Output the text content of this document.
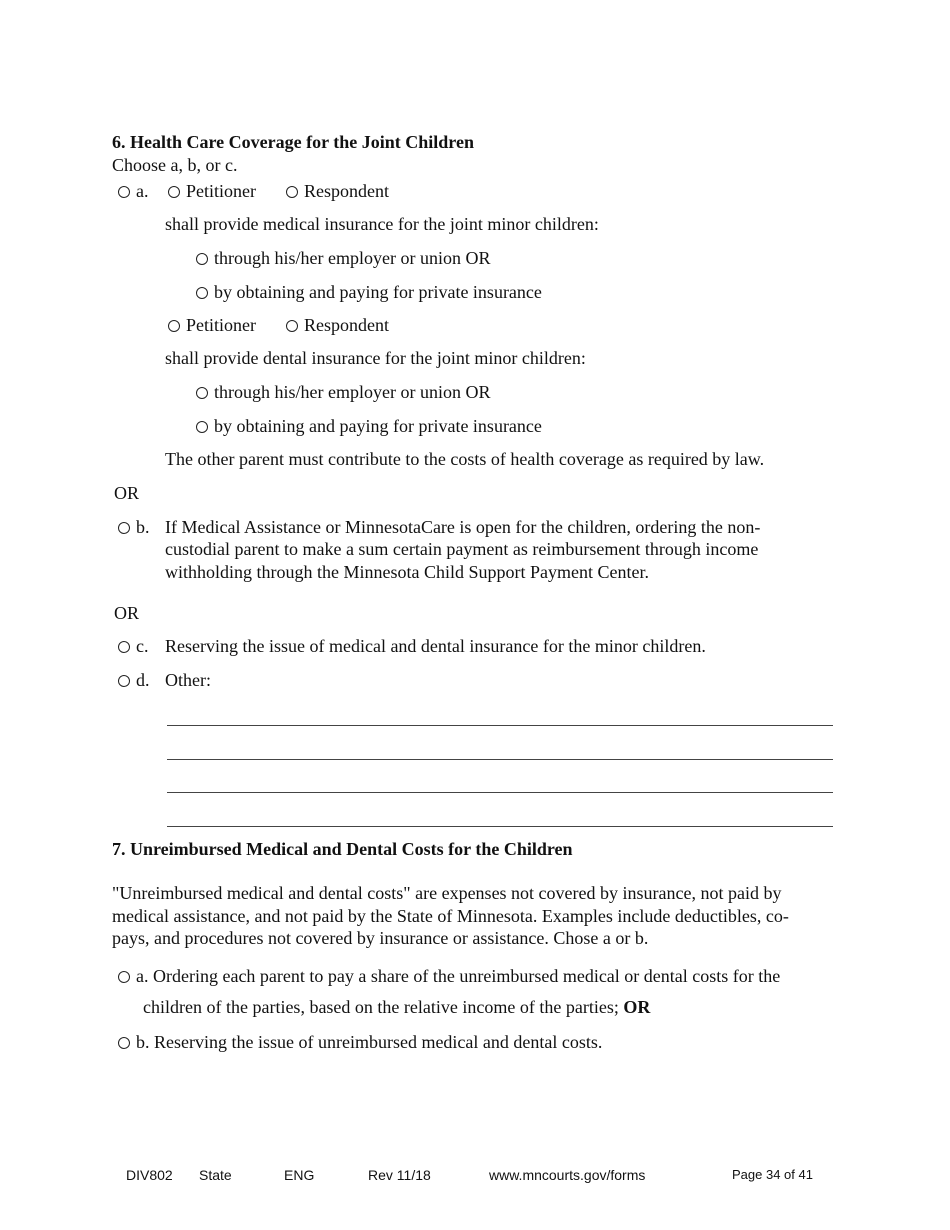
6. Health Care Coverage for the Joint Children
Choose a, b, or c.
a.	Petitioner	Respondent
shall provide medical insurance for the joint minor children:
through his/her employer or union OR
by obtaining and paying for private insurance
Petitioner	Respondent
shall provide dental insurance for the joint minor children:
through his/her employer or union OR
by obtaining and paying for private insurance
The other parent must contribute to the costs of health coverage as required by law.
OR
b. If Medical Assistance or MinnesotaCare is open for the children, ordering the non-
custodial parent to make a sum certain payment as reimbursement through income
withholding through the Minnesota Child Support Payment Center.
OR
c. Reserving the issue of medical and dental insurance for the minor children.
d. Other:
7. Unreimbursed Medical and Dental Costs for the Children
"Unreimbursed medical and dental costs" are expenses not covered by insurance, not paid by
medical assistance, and not paid by the State of Minnesota. Examples include deductibles, co-
pays, and procedures not covered by insurance or assistance. Chose a or b.
a. Ordering each parent to pay a share of the unreimbursed medical or dental costs for the
children of the parties, based on the relative income of the parties; OR
b. Reserving the issue of unreimbursed medical and dental costs.
DIV802 State	ENG	Rev 11/18	www.mncourts.gov/forms	Page 34 of 41
